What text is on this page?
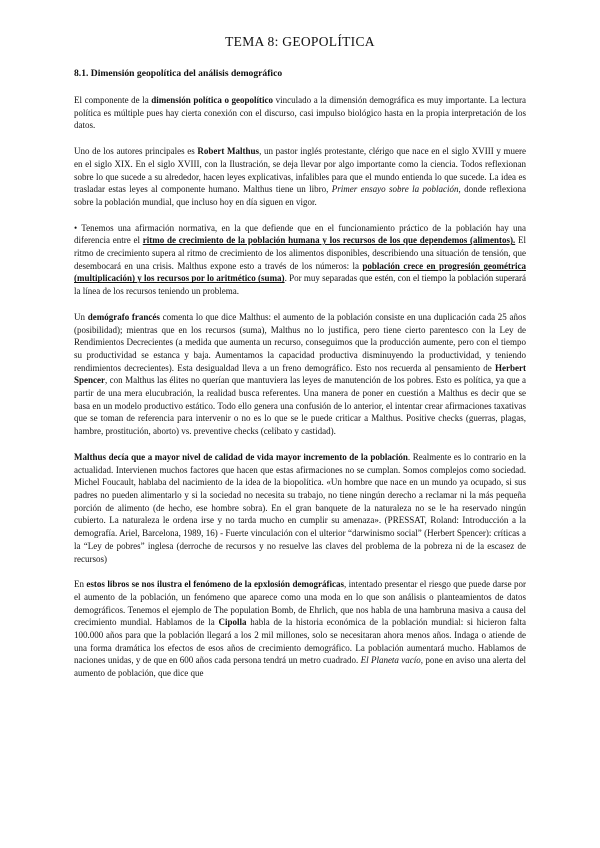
TEMA 8: GEOPOLÍTICA
8.1. Dimensión geopolítica del análisis demográfico

El componente de la dimensión política o geopolítico vinculado a la dimensión demográfica es muy importante. La lectura política es múltiple pues hay cierta conexión con el discurso, casi impulso biológico hasta en la propia interpretación de los datos.

Uno de los autores principales es Robert Malthus, un pastor inglés protestante, clérigo que nace en el siglo XVIII y muere en el siglo XIX. En el siglo XVIII, con la Ilustración, se deja llevar por algo importante como la ciencia. Todos reflexionan sobre lo que sucede a su alrededor, hacen leyes explicativas, infalibles para que el mundo entienda lo que sucede. La idea es trasladar estas leyes al componente humano. Malthus tiene un libro, Primer ensayo sobre la población, donde reflexiona sobre la población mundial, que incluso hoy en día siguen en vigor.

• Tenemos una afirmación normativa, en la que defiende que en el funcionamiento práctico de la población hay una diferencia entre el ritmo de crecimiento de la población humana y los recursos de los que dependemos (alimentos). El ritmo de crecimiento supera al ritmo de crecimiento de los alimentos disponibles, describiendo una situación de tensión, que desembocará en una crisis. Malthus expone esto a través de los números: la población crece en progresión geométrica (multiplicación) y los recursos por lo aritmético (suma). Por muy separadas que estén, con el tiempo la población superará la línea de los recursos teniendo un problema.

Un demógrafo francés comenta lo que dice Malthus: el aumento de la población consiste en una duplicación cada 25 años (posibilidad); mientras que en los recursos (suma), Malthus no lo justifica, pero tiene cierto parentesco con la Ley de Rendimientos Decrecientes (a medida que aumenta un recurso, conseguimos que la producción aumente, pero con el tiempo su productividad se estanca y baja. Aumentamos la capacidad productiva disminuyendo la productividad, y teniendo rendimientos decrecientes). Esta desigualdad lleva a un freno demográfico. Esto nos recuerda al pensamiento de Herbert Spencer, con Malthus las élites no querían que mantuviera las leyes de manutención de los pobres. Esto es política, ya que a partir de una mera elucubración, la realidad busca referentes. Una manera de poner en cuestión a Malthus es decir que se basa en un modelo productivo estático. Todo ello genera una confusión de lo anterior, el intentar crear afirmaciones taxativas que se toman de referencia para intervenir o no es lo que se le puede criticar a Malthus. Positive checks (guerras, plagas, hambre, prostitución, aborto) vs. preventive checks (celibato y castidad).

Malthus decía que a mayor nivel de calidad de vida mayor incremento de la población. Realmente es lo contrario en la actualidad. Intervienen muchos factores que hacen que estas afirmaciones no se cumplan. Somos complejos como sociedad. Michel Foucault, hablaba del nacimiento de la idea de la biopolítica. «Un hombre que nace en un mundo ya ocupado, si sus padres no pueden alimentarlo y si la sociedad no necesita su trabajo, no tiene ningún derecho a reclamar ni la más pequeña porción de alimento (de hecho, ese hombre sobra). En el gran banquete de la naturaleza no se le ha reservado ningún cubierto. La naturaleza le ordena irse y no tarda mucho en cumplir su amenaza». (PRESSAT, Roland: Introducción a la demografía. Ariel, Barcelona, 1989, 16) - Fuerte vinculación con el ulterior “darwinismo social” (Herbert Spencer): críticas a la “Ley de pobres” inglesa (derroche de recursos y no resuelve las claves del problema de la pobreza ni de la escasez de recursos)

En estos libros se nos ilustra el fenómeno de la epxlosión demográficas, intentado presentar el riesgo que puede darse por el aumento de la población, un fenómeno que aparece como una moda en lo que son análisis o planteamientos de datos demográficos. Tenemos el ejemplo de The population Bomb, de Ehrlich, que nos habla de una hambruna masiva a causa del crecimiento mundial. Hablamos de la Cipolla habla de la historia económica de la población mundial: si hicieron falta 100.000 años para que la población llegará a los 2 mil millones, solo se necesitaran ahora menos años. Indaga o atiende de una forma dramática los efectos de esos años de crecimiento demográfico. La población aumentará mucho. Hablamos de naciones unidas, y de que en 600 años cada persona tendrá un metro cuadrado. El Planeta vacío, pone en aviso una alerta del aumento de población, que dice que
